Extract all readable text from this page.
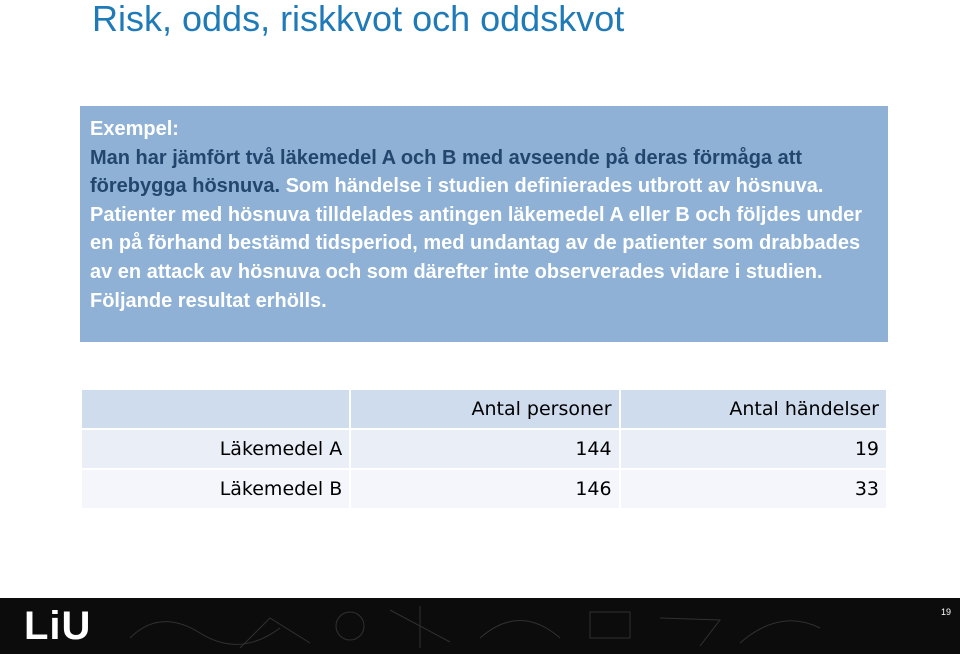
Risk, odds, riskkvot och oddskvot

Exempel:
Man har jämfört två läkemedel A och B med avseende på deras förmåga att förebygga hösnuva. Som händelse i studien definierades utbrott av hösnuva. Patienter med hösnuva tilldelades antingen läkemedel A eller B och följdes under en på förhand bestämd tidsperiod, med undantag av de patienter som drabbades av en attack av hösnuva och som därefter inte observerades vidare i studien. Följande resultat erhölls.

	Antal personer	Antal händelser
Läkemedel A	144	19
Läkemedel B	146	33
LiU	19
